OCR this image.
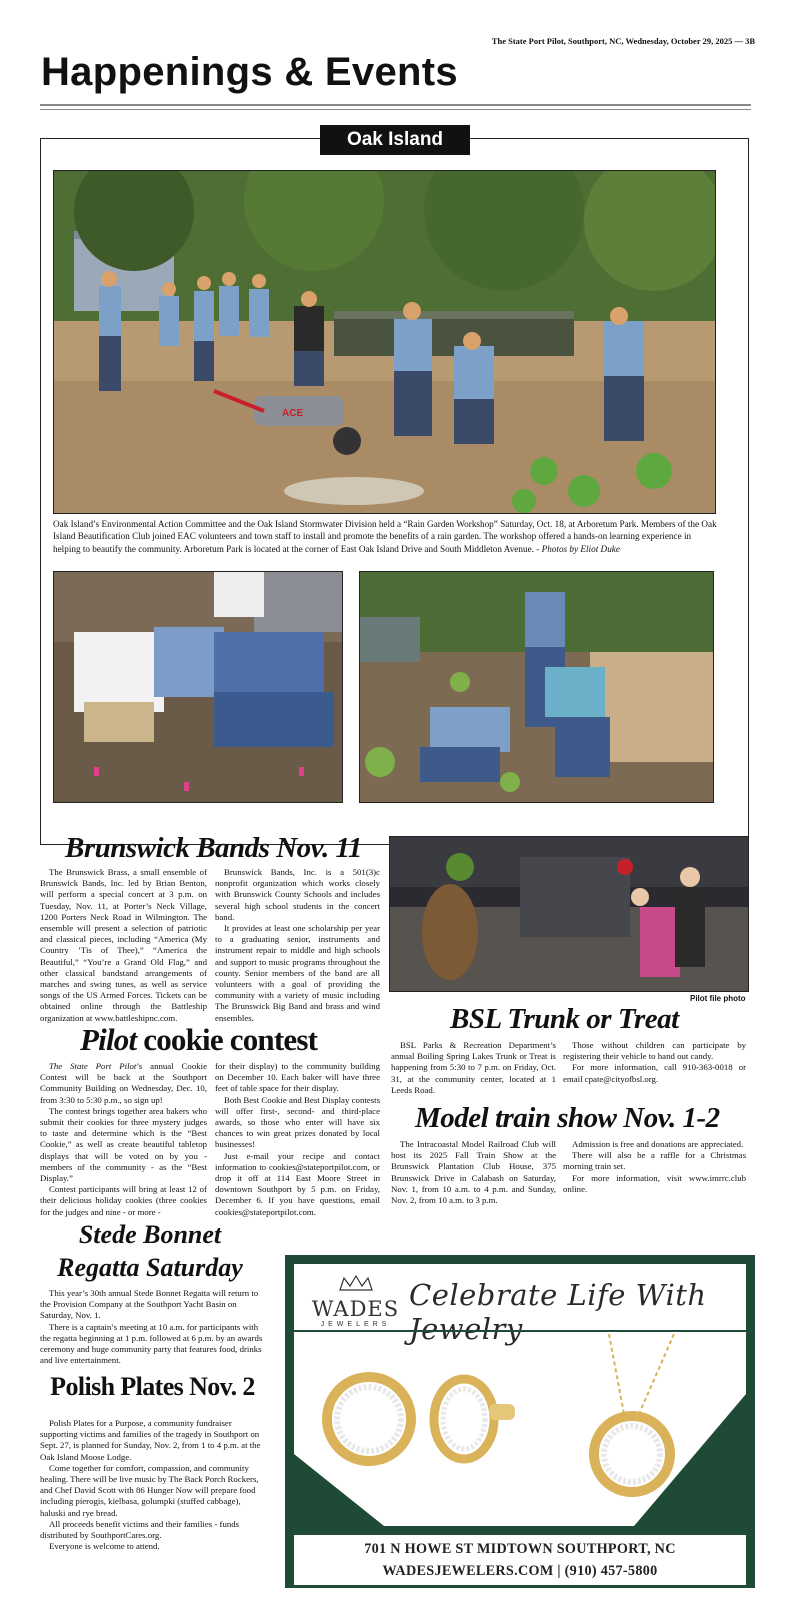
The State Port Pilot, Southport, NC, Wednesday, October 29, 2025 — 3B
Happenings & Events
Oak Island
ACE
Oak Island’s Environmental Action Committee and the Oak Island Stormwater Division held a “Rain Garden Workshop” Saturday, Oct. 18, at Arboretum Park. Members of the Oak Island Beautification Club joined EAC volunteers and town staff to install and promote the benefits of a rain garden. The workshop offered a hands-on learning experience in helping to beautify the community. Arboretum Park is located at the corner of East Oak Island Drive and South Middleton Avenue. - Photos by Eliot Duke
Brunswick Bands Nov. 11

The Brunswick Brass, a small ensemble of Brunswick Bands, Inc. led by Brian Benton, will perform a special concert at 3 p.m. on Tuesday, Nov. 11, at Porter’s Neck Village, 1200 Porters Neck Road in Wilmington. The ensemble will present a selection of patriotic and classical pieces, including “America (My Country ’Tis of Thee),” “America the Beautiful,” “You’re a Grand Old Flag,” and other classical bandstand arrangements of marches and swing tunes, as well as service songs of the US Armed Forces. Tickets can be obtained online through the Battleship organization at www.battleshipnc.com.

Brunswick Bands, Inc. is a 501(3)c nonprofit organization which works closely with Brunswick County Schools and includes several high school students in the concert band.

It provides at least one scholarship per year to a graduating senior, instruments and instrument repair to middle and high schools and support to music programs throughout the county. Senior members of the band are all volunteers with a goal of providing the community with a variety of music including The Brunswick Big Band and brass and wind ensembles.

Pilot file photo
Pilot cookie contest

The State Port Pilot’s annual Cookie Contest will be back at the Southport Community Building on Wednesday, Dec. 10, from 3:30 to 5:30 p.m., so sign up!

The contest brings together area bakers who submit their cookies for three mystery judges to taste and determine which is the “Best Cookie,” as well as create beautiful tabletop displays that will be voted on by you - members of the community - as the “Best Display.”

Contest participants will bring at least 12 of their delicious holiday cookies (three cookies for the judges and nine - or more -

for their display) to the community building on December 10. Each baker will have three feet of table space for their display.

Both Best Cookie and Best Display contests will offer first-, second- and third-place awards, so those who enter will have six chances to win great prizes donated by local businesses!

Just e-mail your recipe and contact information to cookies@stateportpilot.com, or drop it off at 114 East Moore Street in downtown Southport by 5 p.m. on Friday, December 6. If you have questions, email cookies@stateportpilot.com.

BSL Trunk or Treat

BSL Parks & Recreation Department’s annual Boiling Spring Lakes Trunk or Treat is happening from 5:30 to 7 p.m. on Friday, Oct. 31, at the community center, located at 1 Leeds Road.

Those without children can participate by registering their vehicle to hand out candy.

For more information, call 910-363-0018 or email cpate@cityofbsl.org.

Model train show Nov. 1-2

The Intracoastal Model Railroad Club will host its 2025 Fall Train Show at the Brunswick Plantation Club House, 375 Brunswick Drive in Calabash on Saturday, Nov. 1, from 10 a.m. to 4 p.m. and Sunday, Nov. 2, from 10 a.m. to 3 p.m.

Admission is free and donations are appreciated.

There will also be a raffle for a Christmas morning train set.

For more information, visit www.imrrc.club online.

Stede Bonnet
Regatta Saturday

This year’s 30th annual Stede Bonnet Regatta will return to the Provision Company at the Southport Yacht Basin on Saturday, Nov. 1.

There is a captain’s meeting at 10 a.m. for participants with the regatta beginning at 1 p.m. followed at 6 p.m. by an awards ceremony and huge community party that features food, drinks and live entertainment.

Polish Plates Nov. 2

Polish Plates for a Purpose, a community fundraiser supporting victims and families of the tragedy in Southport on Sept. 27, is planned for Sunday, Nov. 2, from 1 to 4 p.m. at the Oak Island Moose Lodge.

Come together for comfort, compassion, and community healing. There will be live music by The Back Porch Rockers, and Chef David Scott with 86 Hunger Now will prepare food including pierogis, kielbasa, golumpki (stuffed cabbage), haluski and rye bread.

All proceeds benefit victims and their families - funds distributed by SouthportCares.org.

Everyone is welcome to attend.

WADES
JEWELERS
Celebrate Life With Jewelry
701 N HOWE ST MIDTOWN SOUTHPORT, NC
WADESJEWELERS.COM | (910) 457-5800
